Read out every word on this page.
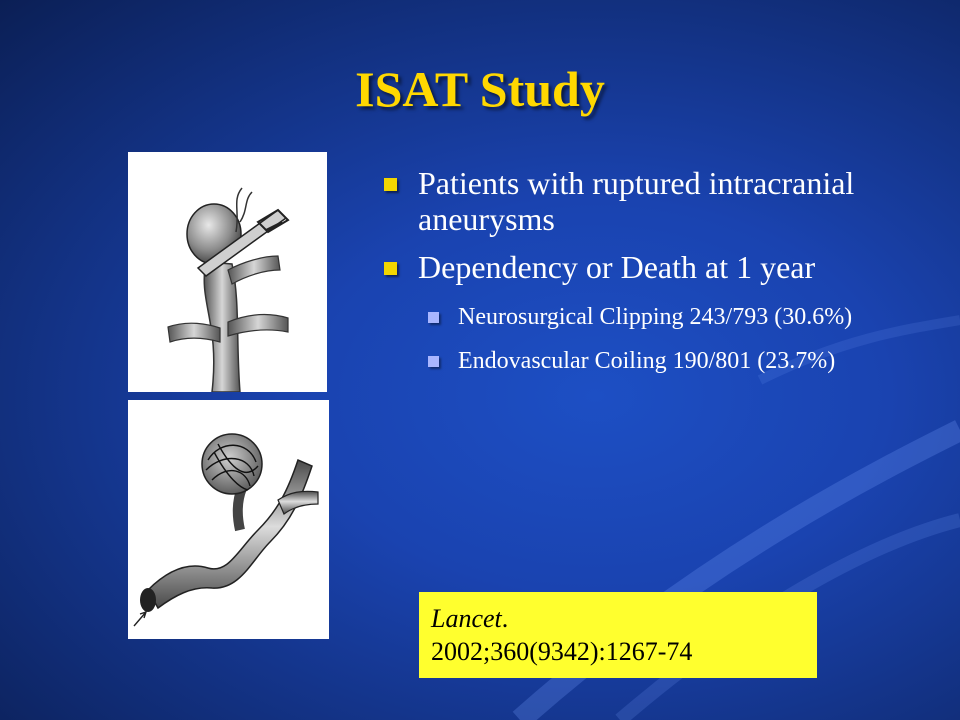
ISAT Study
Patients with ruptured intracranial aneurysms
Dependency or Death at 1 year
Neurosurgical Clipping 243/793 (30.6%)
Endovascular Coiling 190/801 (23.7%)
Lancet.
2002;360(9342):1267-74
